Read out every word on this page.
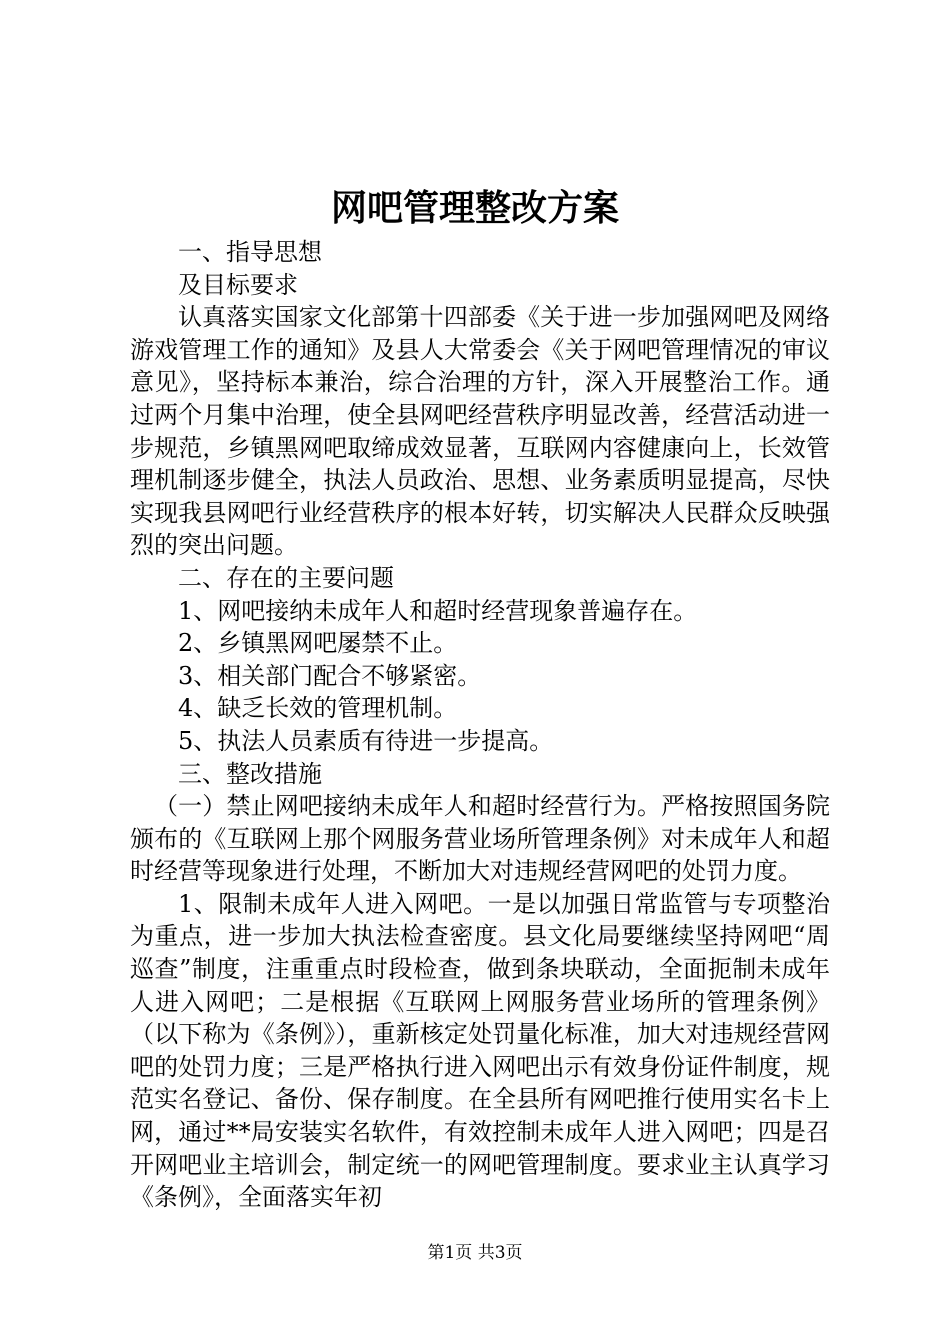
网吧管理整改方案

一、指导思想

及目标要求

认真落实国家文化部第十四部委《关于进一步加强网吧及网络游戏管理工作的通知》及县人大常委会《关于网吧管理情况的审议意见》，坚持标本兼治，综合治理的方针，深入开展整治工作。通过两个月集中治理，使全县网吧经营秩序明显改善，经营活动进一步规范，乡镇黑网吧取缔成效显著，互联网内容健康向上，长效管理机制逐步健全，执法人员政治、思想、业务素质明显提高，尽快实现我县网吧行业经营秩序的根本好转，切实解决人民群众反映强烈的突出问题。

二、存在的主要问题

1、网吧接纳未成年人和超时经营现象普遍存在。

2、乡镇黑网吧屡禁不止。

3、相关部门配合不够紧密。

4、缺乏长效的管理机制。

5、执法人员素质有待进一步提高。

三、整改措施

（一）禁止网吧接纳未成年人和超时经营行为。严格按照国务院颁布的《互联网上那个网服务营业场所管理条例》对未成年人和超时经营等现象进行处理，不断加大对违规经营网吧的处罚力度。

1、限制未成年人进入网吧。一是以加强日常监管与专项整治为重点，进一步加大执法检查密度。县文化局要继续坚持网吧“周巡查”制度，注重重点时段检查，做到条块联动，全面扼制未成年人进入网吧；二是根据《互联网上网服务营业场所的管理条例》（以下称为《条例》），重新核定处罚量化标准，加大对违规经营网吧的处罚力度；三是严格执行进入网吧出示有效身份证件制度，规范实名登记、备份、保存制度。在全县所有网吧推行使用实名卡上网，通过**局安装实名软件，有效控制未成年人进入网吧；四是召开网吧业主培训会，制定统一的网吧管理制度。要求业主认真学习《条例》，全面落实年初

第1页 共3页
